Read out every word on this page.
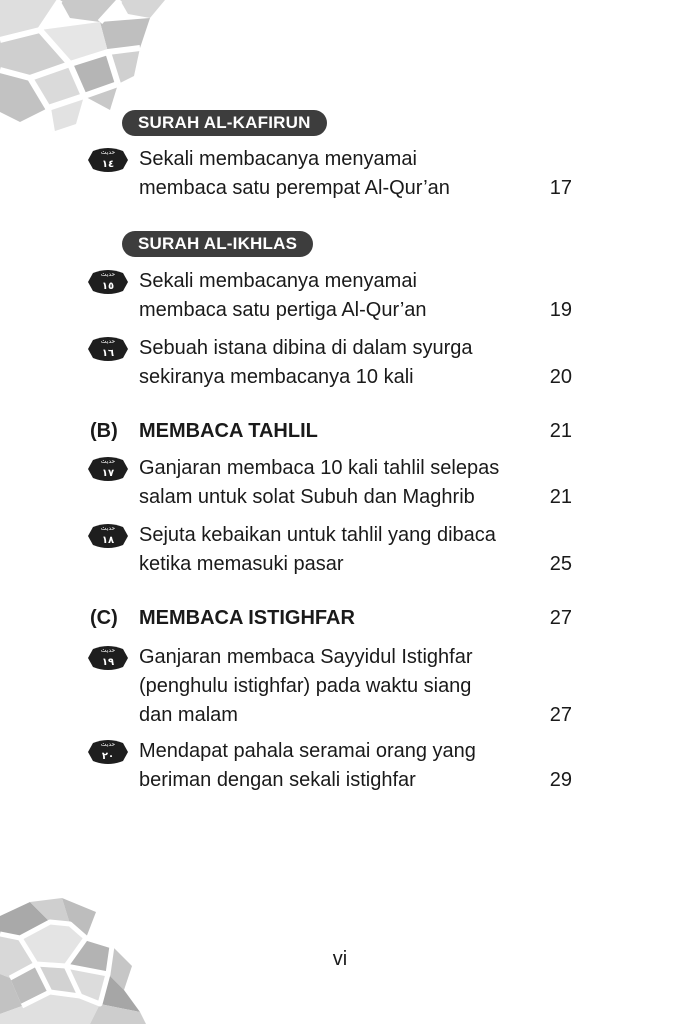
SURAH AL-KAFIRUN
حديث
١٤ Sekali membacanya menyamai
membaca satu perempat Al-Qur’an	17
SURAH AL-IKHLAS
حديث
١٥ Sekali membacanya menyamai
membaca satu pertiga Al-Qur’an	19
حديث
١٦ Sebuah istana dibina di dalam syurga
sekiranya membacanya 10 kali	20
(B) MEMBACA TAHLIL	21
حديث
١٧ Ganjaran membaca 10 kali tahlil selepas
salam untuk solat Subuh dan Maghrib	21
حديث
١٨ Sejuta kebaikan untuk tahlil yang dibaca
ketika memasuki pasar	25
(C) MEMBACA ISTIGHFAR	27
حديث
١٩ Ganjaran membaca Sayyidul Istighfar
(penghulu istighfar) pada waktu siang
dan malam	27
حديث
٢٠ Mendapat pahala seramai orang yang
beriman dengan sekali istighfar	29
vi
